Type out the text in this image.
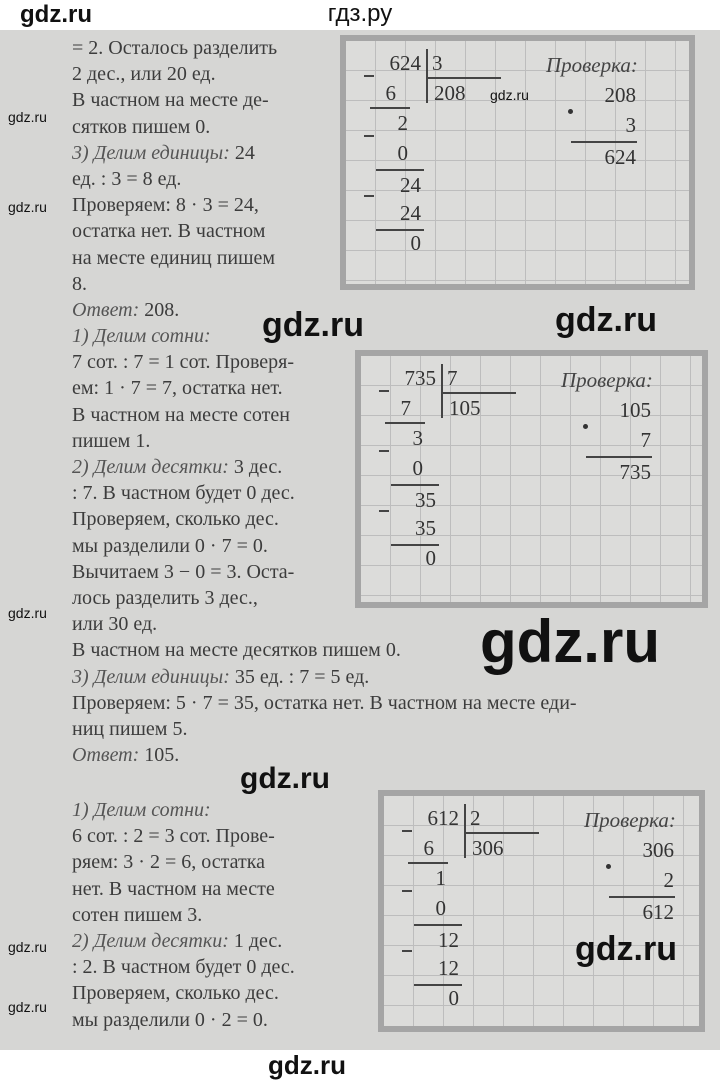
гдз.ру
= 2. Осталось разделить
2 дес., или 20 ед.
В частном на месте де-
сятков пишем 0.
3) Делим единицы: 24
ед. : 3 = 8 ед.
Проверяем: 8 · 3 = 24,
остатка нет. В частном
на месте единиц пишем
8.
Ответ: 208.
1) Делим сотни:
7 сот. : 7 = 1 сот. Проверя-
ем: 1 · 7 = 7, остатка нет.
В частном на месте сотен
пишем 1.
2) Делим десятки: 3 дес.
: 7. В частном будет 0 дес.
Проверяем, сколько дес.
мы разделили 0 · 7 = 0.
Вычитаем 3 − 0 = 3. Оста-
лось разделить 3 дес.,
или 30 ед.
В частном на месте десятков пишем 0.
3) Делим единицы: 35 ед. : 7 = 5 ед.
Проверяем: 5 · 7 = 35, остатка нет. В частном на месте еди-
ниц пишем 5.
Ответ: 105.
1) Делим сотни:
6 сот. : 2 = 3 сот. Прове-
ряем: 3 · 2 = 6, остатка
нет. В частном на месте
сотен пишем 3.
2) Делим десятки: 1 дес.
: 2. В частном будет 0 дес.
Проверяем, сколько дес.
мы разделили 0 · 2 = 0.
624 3
208
6
2
0
24
24
0
Проверка:
208
3
624
735 7
105
7
3
0
35
35
0
Проверка:
105
7
735
612 2
306
6
1
0
12
12
0
Проверка:
306
2
612
gdz.ru
gdz.ru
gdz.ru
gdz.ru
gdz.ru
gdz.ru
gdz.ru	gdz.ru
gdz.ru
gdz.ru
gdz.ru
gdz.ru
gdz.ru
